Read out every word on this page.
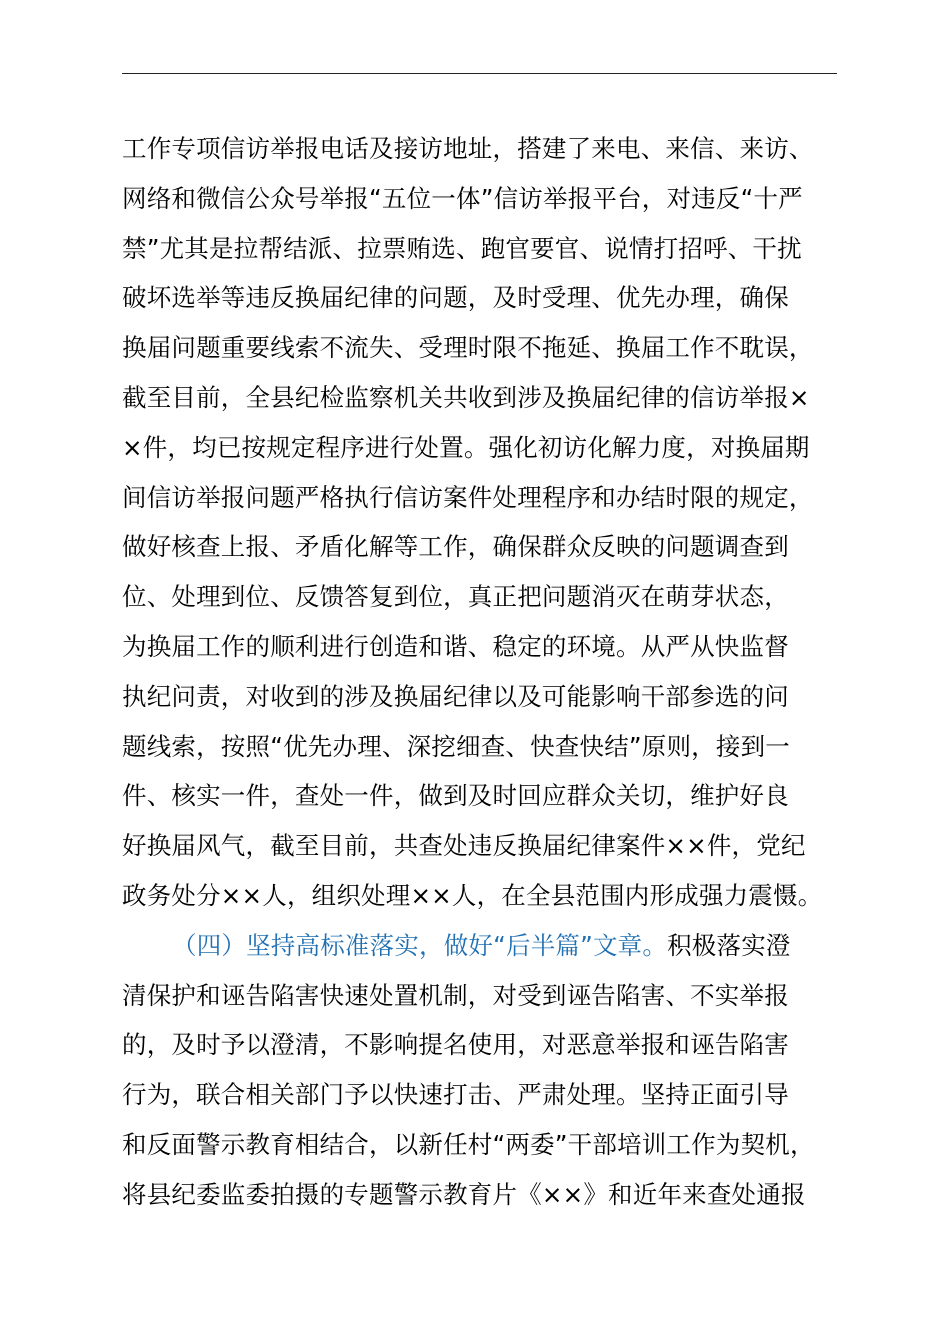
工作专项信访举报电话及接访地址，搭建了来电、来信、来访、
网络和微信公众号举报“五位一体”信访举报平台，对违反“十严
禁”尤其是拉帮结派、拉票贿选、跑官要官、说情打招呼、干扰
破坏选举等违反换届纪律的问题，及时受理、优先办理，确保
换届问题重要线索不流失、受理时限不拖延、换届工作不耽误，
截至目前，全县纪检监察机关共收到涉及换届纪律的信访举报×
×件，均已按规定程序进行处置。强化初访化解力度，对换届期
间信访举报问题严格执行信访案件处理程序和办结时限的规定，
做好核查上报、矛盾化解等工作，确保群众反映的问题调查到
位、处理到位、反馈答复到位，真正把问题消灭在萌芽状态，
为换届工作的顺利进行创造和谐、稳定的环境。从严从快监督
执纪问责，对收到的涉及换届纪律以及可能影响干部参选的问
题线索，按照“优先办理、深挖细查、快查快结”原则，接到一
件、核实一件，查处一件，做到及时回应群众关切，维护好良
好换届风气，截至目前，共查处违反换届纪律案件××件，党纪
政务处分××人，组织处理××人，在全县范围内形成强力震慑。
（四）坚持高标准落实，做好“后半篇”文章。积极落实澄
清保护和诬告陷害快速处置机制，对受到诬告陷害、不实举报
的，及时予以澄清，不影响提名使用，对恶意举报和诬告陷害
行为，联合相关部门予以快速打击、严肃处理。坚持正面引导
和反面警示教育相结合，以新任村“两委”干部培训工作为契机，
将县纪委监委拍摄的专题警示教育片《××》和近年来查处通报
